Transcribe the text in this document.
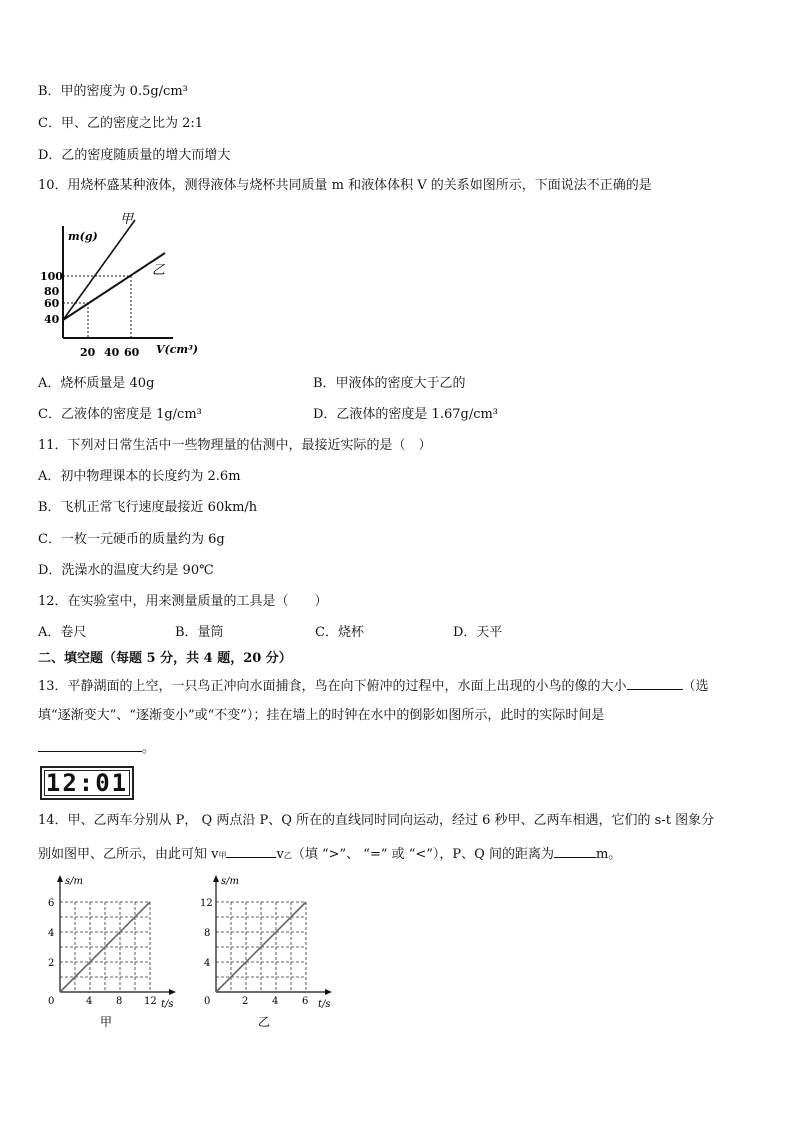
B．甲的密度为 0.5g/cm³
C．甲、乙的密度之比为 2:1
D．乙的密度随质量的增大而增大
10．用烧杯盛某种液体，测得液体与烧杯共同质量 m 和液体体积 V 的关系如图所示，下面说法不正确的是
甲
乙
m(g)
V(cm³)
100
80
60
40
20 40 60
A．烧杯质量是 40g	B．甲液体的密度大于乙的
C．乙液体的密度是 1g/cm³	D．乙液体的密度是 1.67g/cm³
11．下列对日常生活中一些物理量的估测中，最接近实际的是（　）
A．初中物理课本的长度约为 2.6m
B．飞机正常飞行速度最接近 60km/h
C．一枚一元硬币的质量约为 6g
D．洗澡水的温度大约是 90℃
12．在实验室中，用来测量质量的工具是（　　）
A．卷尺	B．量筒	C．烧杯	D．天平
二、填空题（每题 5 分，共 4 题，20 分）
13．平静湖面的上空，一只鸟正冲向水面捕食，鸟在向下俯冲的过程中，水面上出现的小鸟的像的大小	（选
填“逐渐变大”、“逐渐变小”或“不变”）；挂在墙上的时钟在水中的倒影如图所示，此时的实际时间是
。
12:01
14．甲、乙两车分别从 P， Q 两点沿 P、Q 所在的直线同时同向运动，经过 6 秒甲、乙两车相遇，它们的 s-t 图象分
别如图甲、乙所示，由此可知 v甲	v乙（填 “>”、 “=” 或 “<”），P、Q 间的距离为	m。
s/m
t/s
6
4
2
0	4 8 12
甲
s/m
t/s
12
8
4
0	2 4 6
乙
